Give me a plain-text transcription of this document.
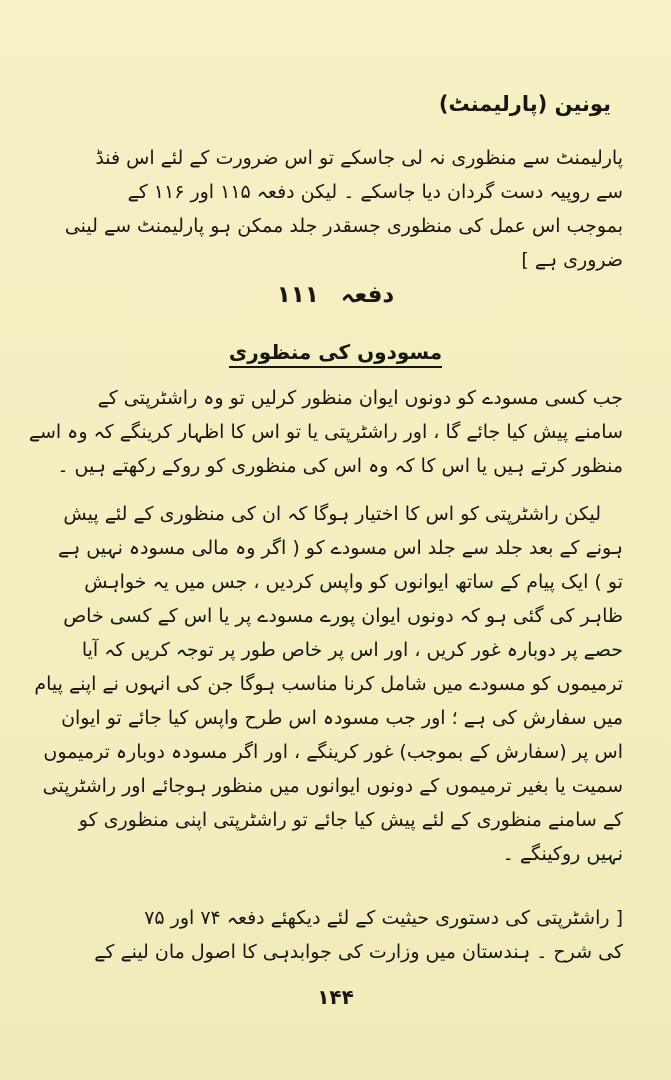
یونین (پارلیمنٹ)
پارلیمنٹ سے منظوری نہ لی جاسکے تو اس ضرورت کے لئے اس فنڈ
سے روپیہ دست گردان دیا جاسکے ۔ لیکن دفعہ ۱۱۵ اور ۱۱۶ کے
بموجب اس عمل کی منظوری جسقدر جلد ممکن ہو پارلیمنٹ سے لینی
ضروری ہے ]
دفعہ ۱۱۱
مسودوں کی منظوری
جب کسی مسودے کو دونوں ایوان منظور کرلیں تو وہ راشٹرپتی کے
سامنے پیش کیا جائے گا ، اور راشٹرپتی یا تو اس کا اظہار کرینگے کہ وہ اسے
منظور کرتے ہیں یا اس کا کہ وہ اس کی منظوری کو روکے رکھتے ہیں ۔
لیکن راشٹرپتی کو اس کا اختیار ہوگا کہ ان کی منظوری کے لئے پیش
ہونے کے بعد جلد سے جلد اس مسودے کو ( اگر وہ مالی مسودہ نہیں ہے
تو ) ایک پیام کے ساتھ ایوانوں کو واپس کردیں ، جس میں یہ خواہش
ظاہر کی گئی ہو کہ دونوں ایوان پورے مسودے پر یا اس کے کسی خاص
حصے پر دوبارہ غور کریں ، اور اس پر خاص طور پر توجہ کریں کہ آیا
ترمیموں کو مسودے میں شامل کرنا مناسب ہوگا جن کی انہوں نے اپنے پیام
میں سفارش کی ہے ؛ اور جب مسودہ اس طرح واپس کیا جائے تو ایوان
اس پر (سفارش کے بموجب) غور کرینگے ، اور اگر مسودہ دوبارہ ترمیموں
سمیت یا بغیر ترمیموں کے دونوں ایوانوں میں منظور ہوجائے اور راشٹرپتی
کے سامنے منظوری کے لئے پیش کیا جائے تو راشٹرپتی اپنی منظوری کو
نہیں روکینگے ۔
[ راشٹرپتی کی دستوری حیثیت کے لئے دیکھئے دفعہ ۷۴ اور ۷۵
کی شرح ۔ ہندستان میں وزارت کی جوابدہی کا اصول مان لینے کے
۱۴۴
